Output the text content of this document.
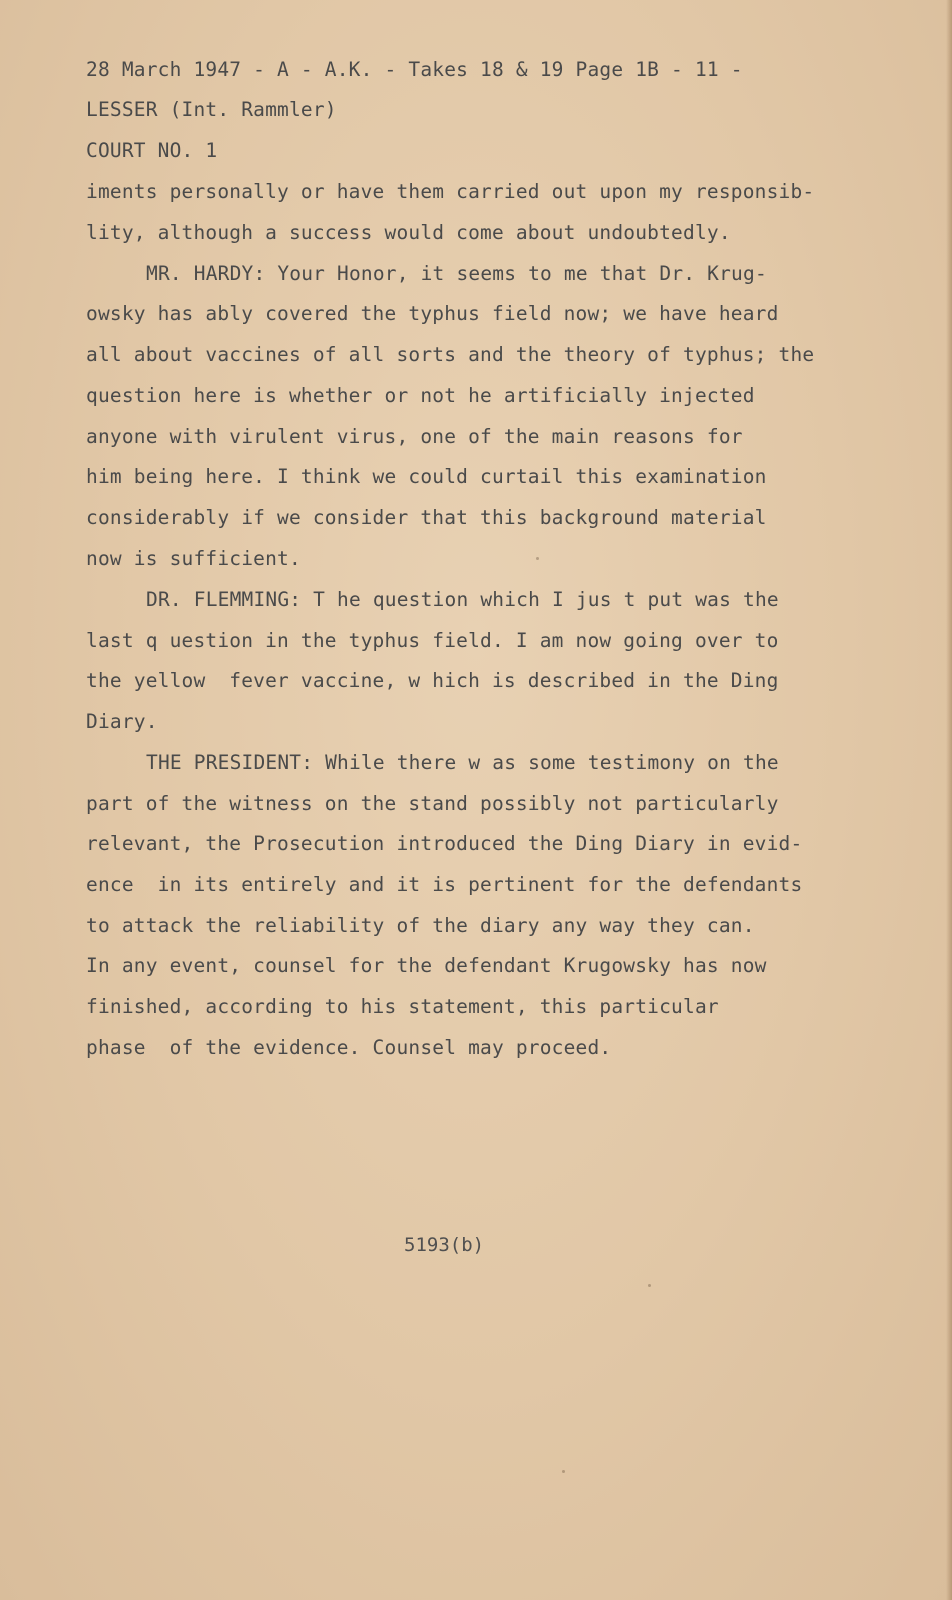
28 March 1947 - A - A.K. - Takes 18 & 19 Page 1B - 11 -

LESSER (Int. Rammler)

COURT NO. 1

iments personally or have them carried out upon my responsib-

lity, although a success would come about undoubtedly.

MR. HARDY: Your Honor, it seems to me that Dr. Krug-

owsky has ably covered the typhus field now; we have heard

all about vaccines of all sorts and the theory of typhus; the

question here is whether or not he artificially injected

anyone with virulent virus, one of the main reasons for

him being here. I think we could curtail this examination

considerably if we consider that this background material

now is sufficient.

DR. FLEMMING: T he question which I jus t put was the

last q uestion in the typhus field. I am now going over to

the yellow  fever vaccine, w hich is described in the Ding

Diary.

THE PRESIDENT: While there w as some testimony on the

part of the witness on the stand possibly not particularly

relevant, the Prosecution introduced the Ding Diary in evid-

ence  in its entirely and it is pertinent for the defendants

to attack the reliability of the diary any way they can.

In any event, counsel for the defendant Krugowsky has now

finished, according to his statement, this particular

phase  of the evidence. Counsel may proceed.

5193(b)
